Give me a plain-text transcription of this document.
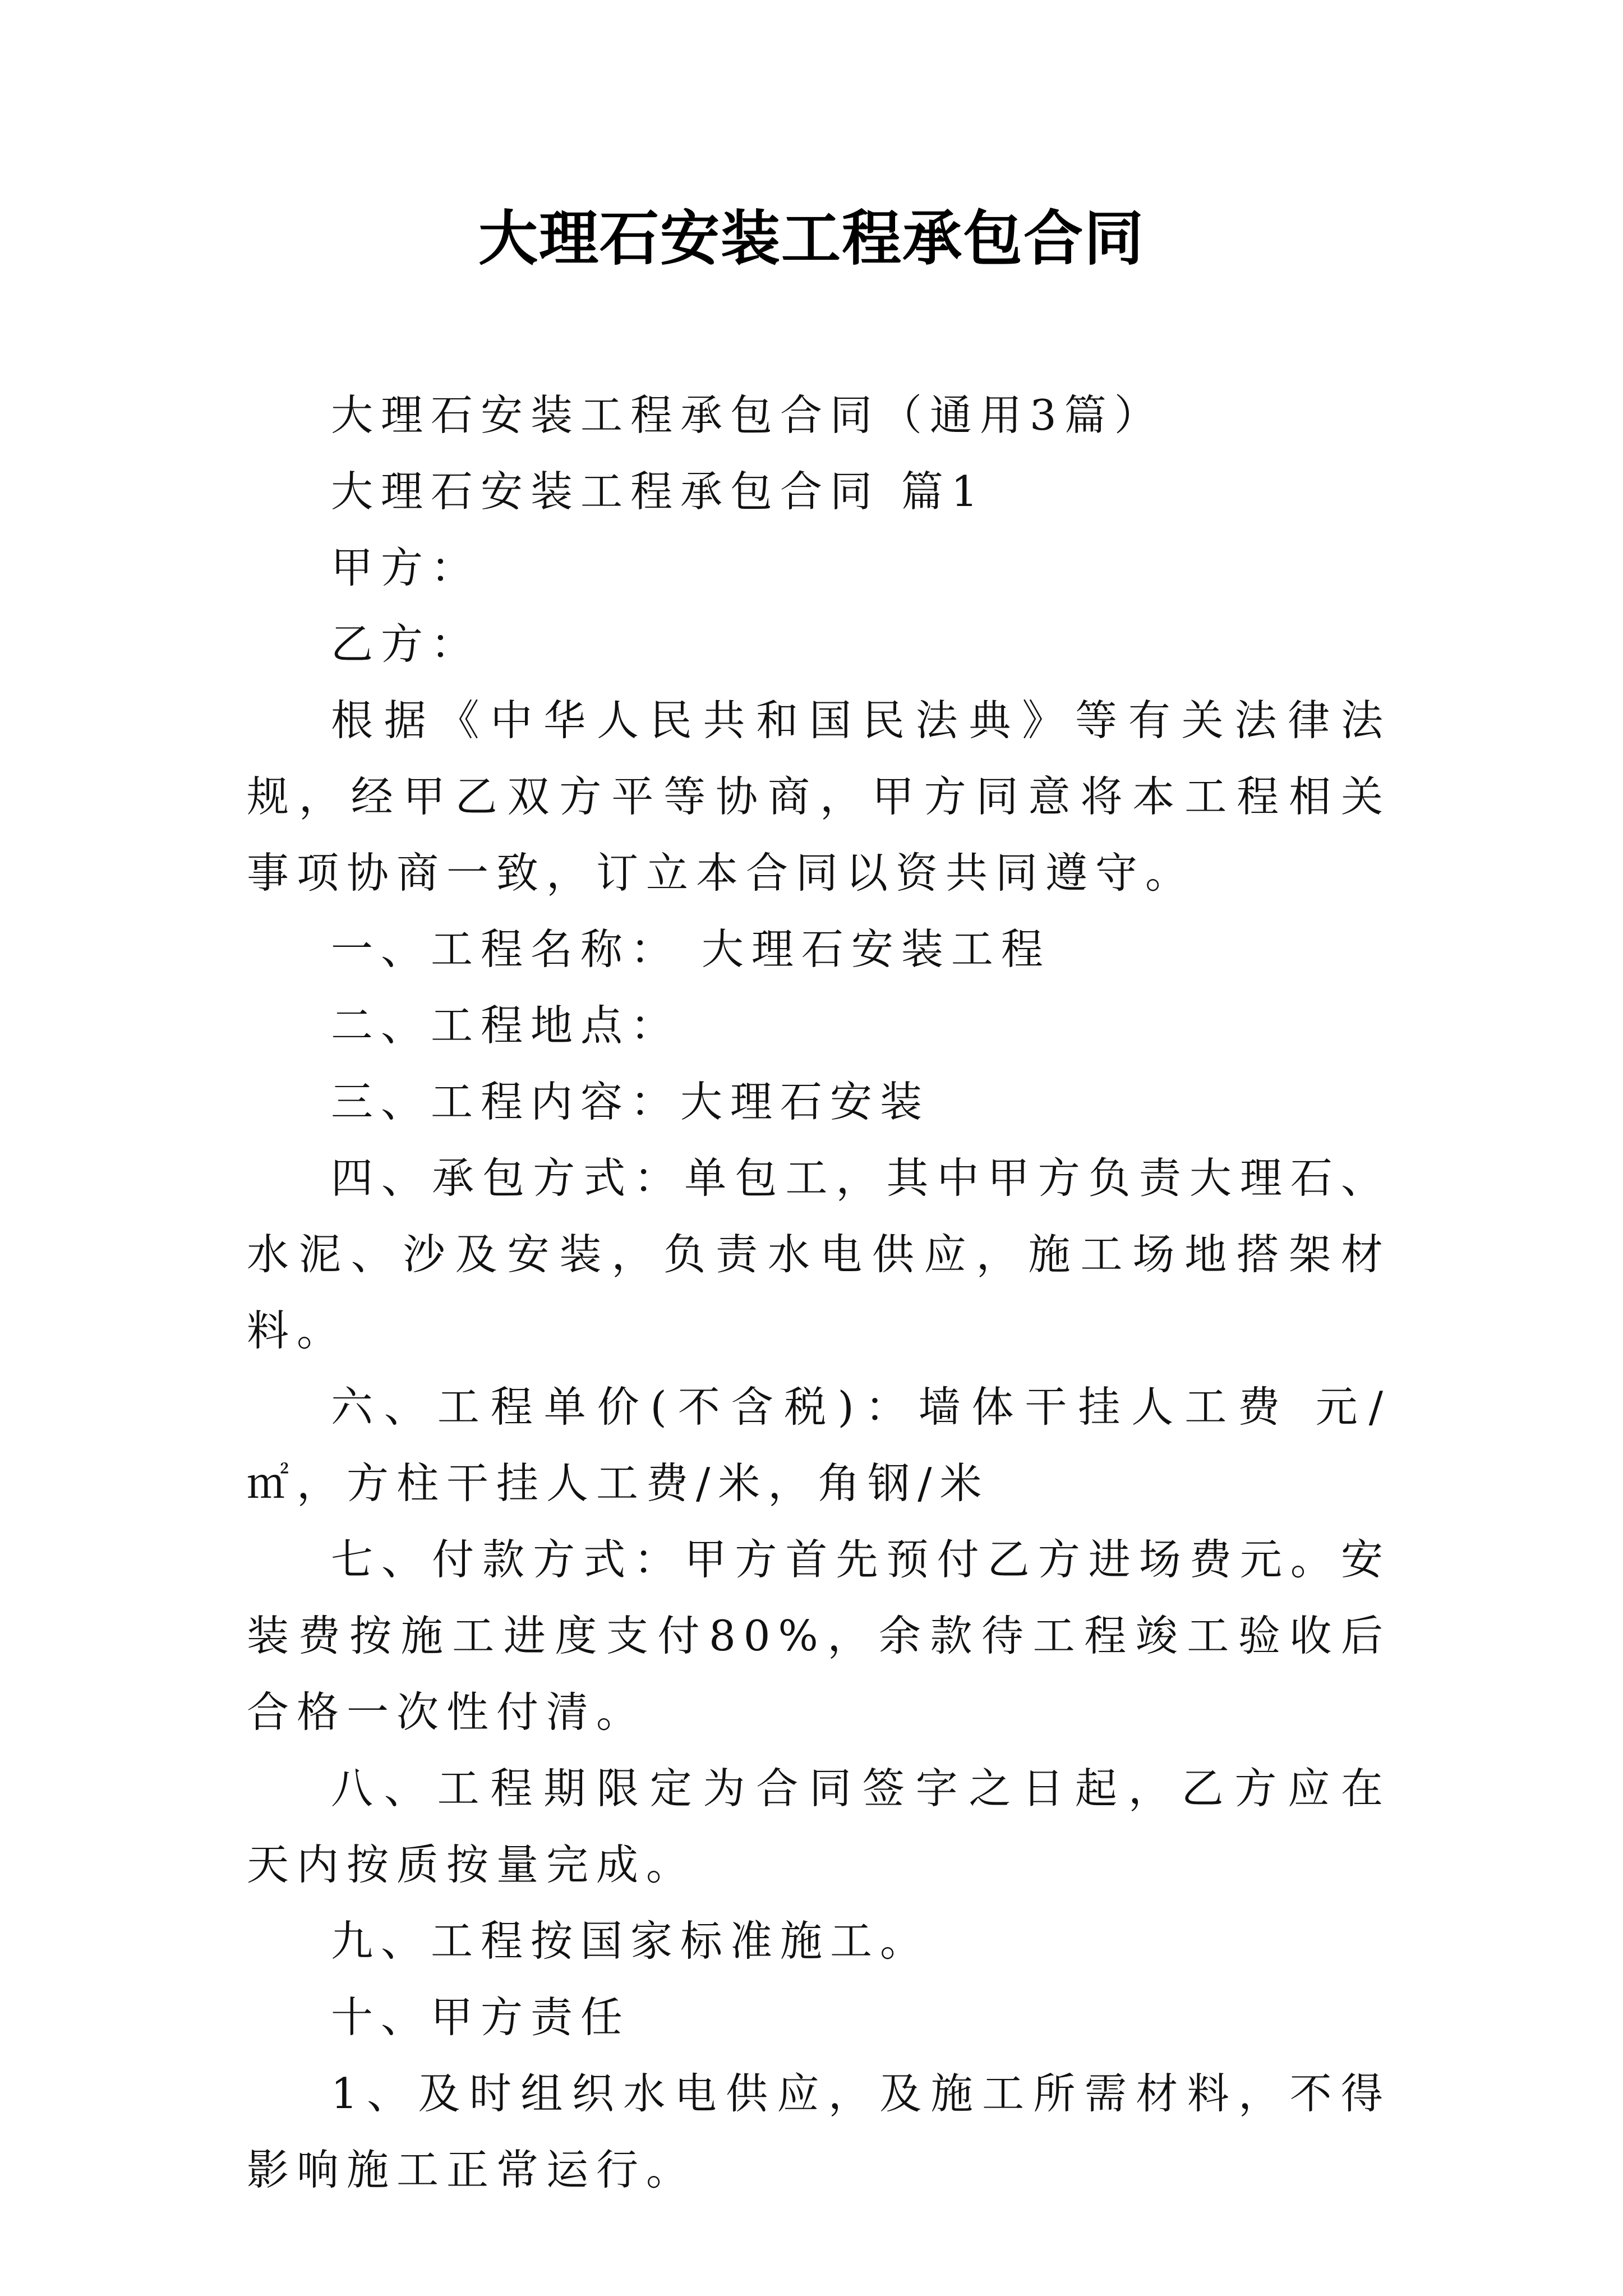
大理石安装工程承包合同

大理石安装工程承包合同（通用3篇）

大理石安装工程承包合同 篇1

甲方：

乙方：

根据《中华人民共和国民法典》等有关法律法规，经甲乙双方平等协商，甲方同意将本工程相关事项协商一致，订立本合同以资共同遵守。

一、工程名称： 大理石安装工程

二、工程地点：

三、工程内容：大理石安装

四、承包方式：单包工，其中甲方负责大理石、水泥、沙及安装，负责水电供应，施工场地搭架材料。

六、工程单价(不含税)：墙体干挂人工费 元/㎡，方柱干挂人工费/米，角钢/米

七、付款方式：甲方首先预付乙方进场费元。安装费按施工进度支付80%，余款待工程竣工验收后合格一次性付清。

八、工程期限定为合同签字之日起，乙方应在 天内按质按量完成。

九、工程按国家标准施工。

十、甲方责任

1、及时组织水电供应，及施工所需材料，不得影响施工正常运行。
